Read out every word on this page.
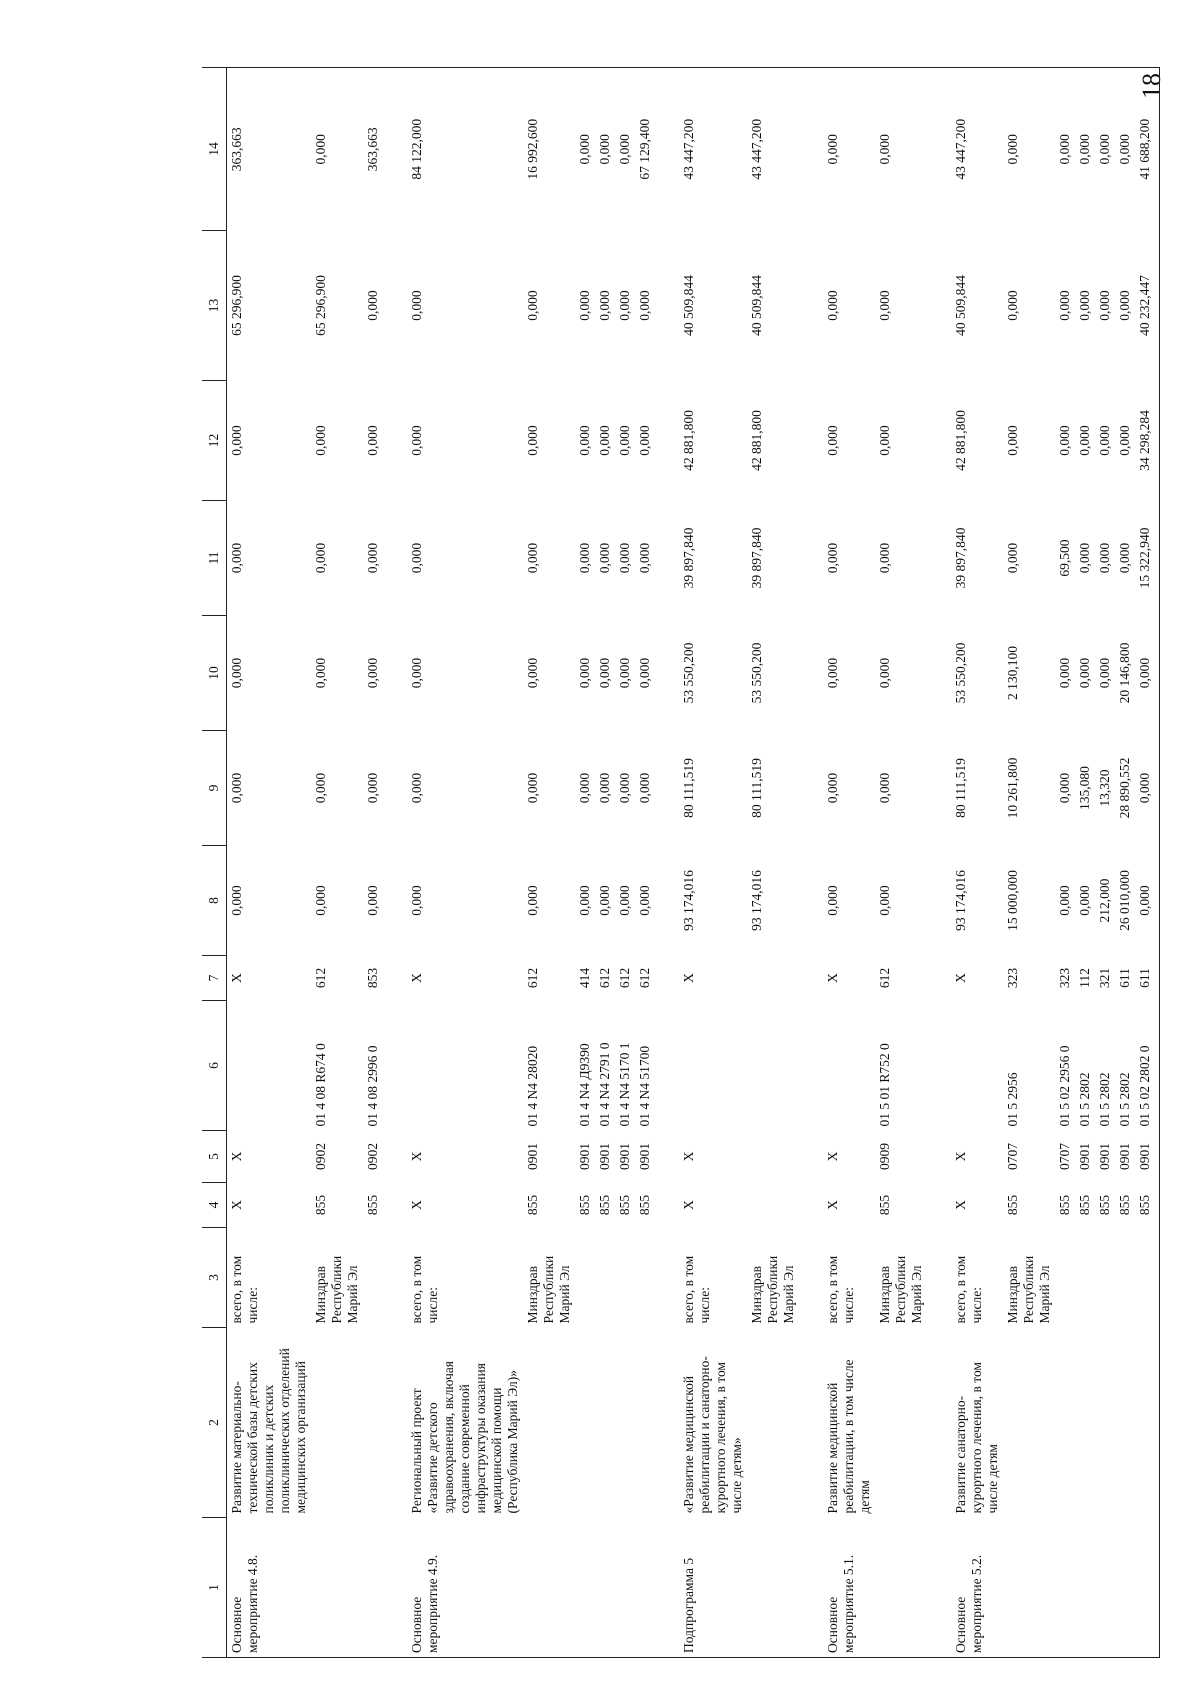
18
1	2	3	4	5	6	7	8	9	10	11	12	13	14
Основное мероприятие 4.8.	Развитие материально-технической базы детских поликлиник и детских поликлинических отделений медицинских организаций	всего, в том числе:	Х	Х		Х	0,000	0,000	0,000	0,000	0,000	65 296,900	363,663
		Минздрав Республики Марий Эл	855	0902	01 4 08 R674 0	612	0,000	0,000	0,000	0,000	0,000	65 296,900	0,000
			855	0902	01 4 08 2996 0	853	0,000	0,000	0,000	0,000	0,000	0,000	363,663
Основное мероприятие 4.9.	Региональный проект «Развитие детского здравоохранения, включая создание современной инфраструктуры оказания медицинской помощи (Республика Марий Эл)»	всего, в том числе:	Х	Х		Х	0,000	0,000	0,000	0,000	0,000	0,000	84 122,000
		Минздрав Республики Марий Эл	855	0901	01 4 N4 28020	612	0,000	0,000	0,000	0,000	0,000	0,000	16 992,600
			855	0901	01 4 N4 Д9390	414	0,000	0,000	0,000	0,000	0,000	0,000	0,000
			855	0901	01 4 N4 2791 0	612	0,000	0,000	0,000	0,000	0,000	0,000	0,000
			855	0901	01 4 N4 5170 1	612	0,000	0,000	0,000	0,000	0,000	0,000	0,000
			855	0901	01 4 N4 51700	612	0,000	0,000	0,000	0,000	0,000	0,000	67 129,400
Подпрограмма 5	«Развитие медицинской реабилитации и санаторно-курортного лечения, в том числе детям»	всего, в том числе:	Х	Х		Х	93 174,016	80 111,519	53 550,200	39 897,840	42 881,800	40 509,844	43 447,200
		Минздрав Республики Марий Эл					93 174,016	80 111,519	53 550,200	39 897,840	42 881,800	40 509,844	43 447,200
Основное мероприятие 5.1.	Развитие медицинской реабилитации, в том числе детям	всего, в том числе:	Х	Х		Х	0,000	0,000	0,000	0,000	0,000	0,000	0,000
		Минздрав Республики Марий Эл	855	0909	01 5 01 R752 0	612	0,000	0,000	0,000	0,000	0,000	0,000	0,000
Основное мероприятие 5.2.	Развитие санаторно-курортного лечения, в том числе детям	всего, в том числе:	Х	Х		Х	93 174,016	80 111,519	53 550,200	39 897,840	42 881,800	40 509,844	43 447,200
		Минздрав Республики Марий Эл	855	0707	01 5 2956	323	15 000,000	10 261,800	2 130,100	0,000	0,000	0,000	0,000
			855	0707	01 5 02 2956 0	323	0,000	0,000	0,000	69,500	0,000	0,000	0,000
			855	0901	01 5 2802	112	0,000	135,080	0,000	0,000	0,000	0,000	0,000
			855	0901	01 5 2802	321	212,000	13,320	0,000	0,000	0,000	0,000	0,000
			855	0901	01 5 2802	611	26 010,000	28 890,552	20 146,800	0,000	0,000	0,000	0,000
			855	0901	01 5 02 2802 0	611	0,000	0,000	0,000	15 322,940	34 298,284	40 232,447	41 688,200
